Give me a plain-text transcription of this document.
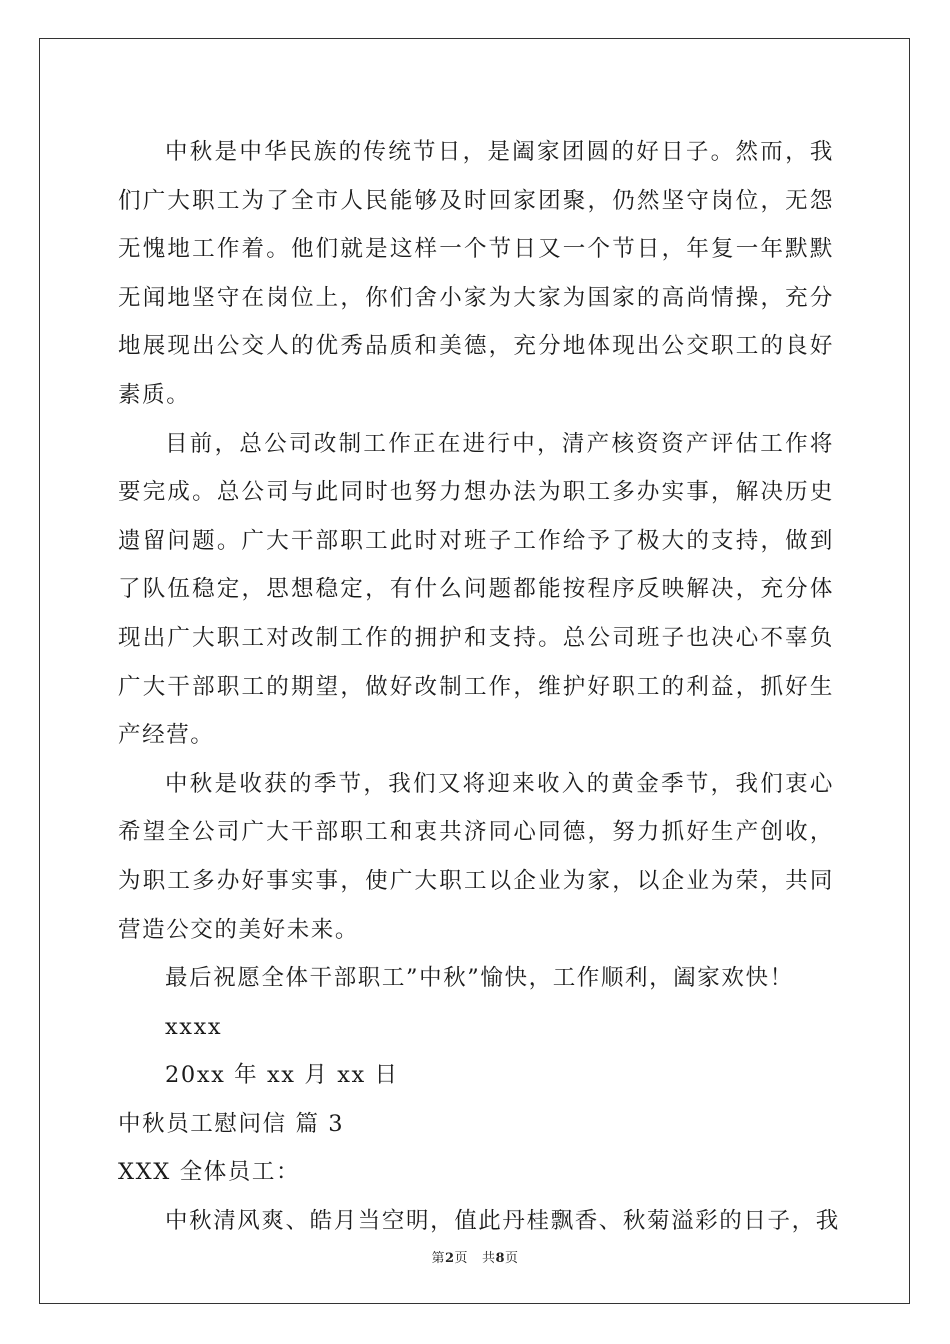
中秋是中华民族的传统节日，是阖家团圆的好日子。然而，我们广大职工为了全市人民能够及时回家团聚，仍然坚守岗位，无怨无愧地工作着。他们就是这样一个节日又一个节日，年复一年默默无闻地坚守在岗位上，你们舍小家为大家为国家的高尚情操，充分地展现出公交人的优秀品质和美德，充分地体现出公交职工的良好素质。

目前，总公司改制工作正在进行中，清产核资资产评估工作将要完成。总公司与此同时也努力想办法为职工多办实事，解决历史遗留问题。广大干部职工此时对班子工作给予了极大的支持，做到了队伍稳定，思想稳定，有什么问题都能按程序反映解决，充分体现出广大职工对改制工作的拥护和支持。总公司班子也决心不辜负广大干部职工的期望，做好改制工作，维护好职工的利益，抓好生产经营。

中秋是收获的季节，我们又将迎来收入的黄金季节，我们衷心希望全公司广大干部职工和衷共济同心同德，努力抓好生产创收，为职工多办好事实事，使广大职工以企业为家，以企业为荣，共同营造公交的美好未来。

最后祝愿全体干部职工”中秋”愉快，工作顺利，阖家欢快！

xxxx

20xx 年 xx 月 xx 日

中秋员工慰问信 篇 3

XXX 全体员工：

中秋清风爽、皓月当空明，值此丹桂飘香、秋菊溢彩的日子，我

第2页 共8页
